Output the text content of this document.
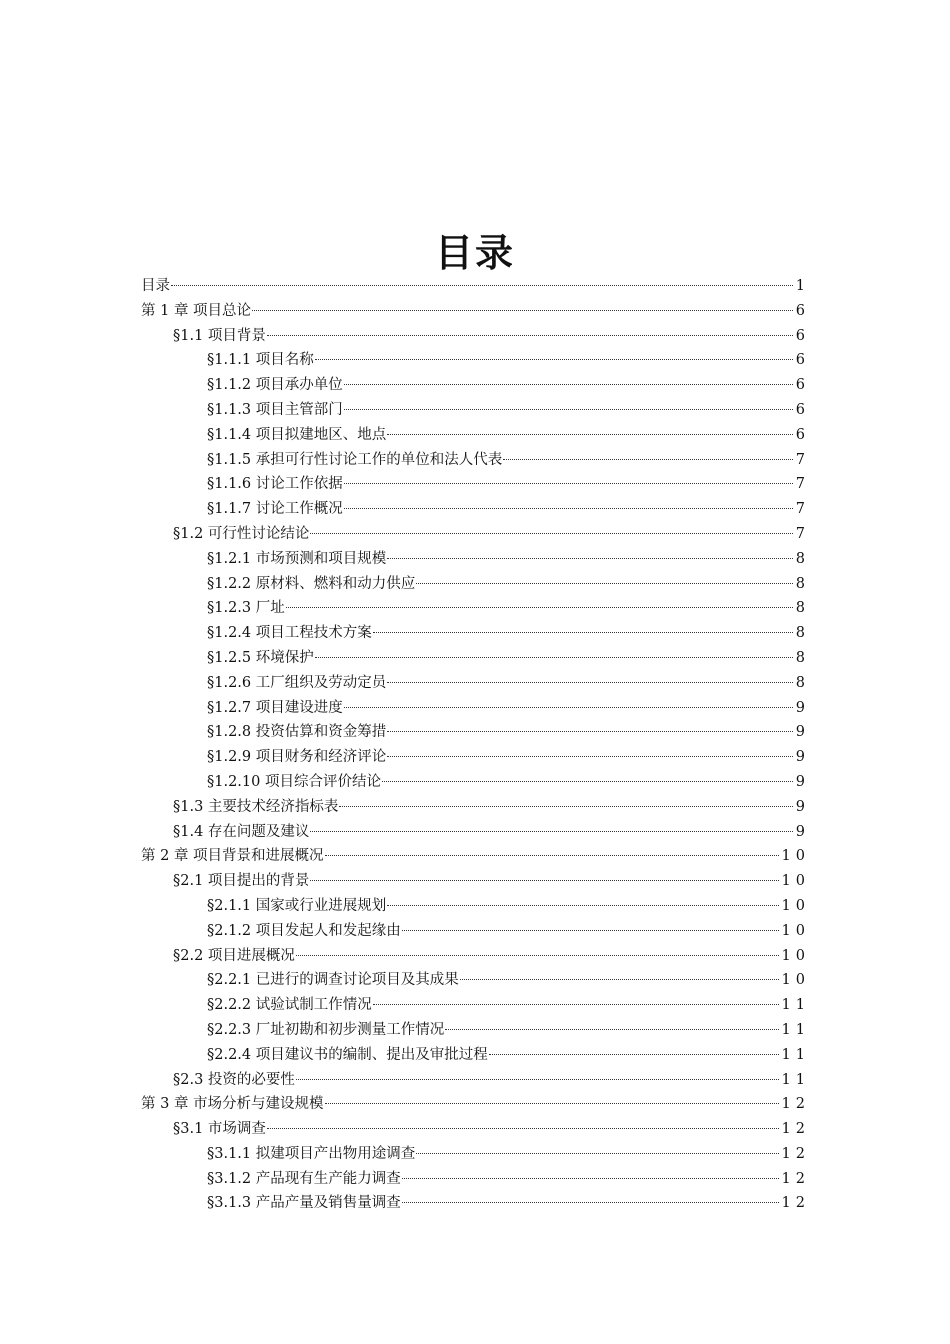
目录
目录	1
第 1 章 项目总论	6
§1.1 项目背景	6
§1.1.1 项目名称	6
§1.1.2 项目承办单位	6
§1.1.3 项目主管部门	6
§1.1.4 项目拟建地区、地点	6
§1.1.5 承担可行性讨论工作的单位和法人代表	7
§1.1.6 讨论工作依据	7
§1.1.7 讨论工作概况	7
§1.2 可行性讨论结论	7
§1.2.1 市场预测和项目规模	8
§1.2.2 原材料、燃料和动力供应	8
§1.2.3 厂址	8
§1.2.4 项目工程技术方案	8
§1.2.5 环境保护	8
§1.2.6 工厂组织及劳动定员	8
§1.2.7 项目建设进度	9
§1.2.8 投资估算和资金筹措	9
§1.2.9 项目财务和经济评论	9
§1.2.10 项目综合评价结论	9
§1.3 主要技术经济指标表	9
§1.4 存在问题及建议	9
第 2 章 项目背景和进展概况	10
§2.1 项目提出的背景	10
§2.1.1 国家或行业进展规划	10
§2.1.2 项目发起人和发起缘由	10
§2.2 项目进展概况	10
§2.2.1 已进行的调查讨论项目及其成果	10
§2.2.2 试验试制工作情况	11
§2.2.3 厂址初勘和初步测量工作情况	11
§2.2.4 项目建议书的编制、提出及审批过程	11
§2.3 投资的必要性	11
第 3 章 市场分析与建设规模	12
§3.1 市场调查	12
§3.1.1 拟建项目产出物用途调查	12
§3.1.2 产品现有生产能力调查	12
§3.1.3 产品产量及销售量调查	12
